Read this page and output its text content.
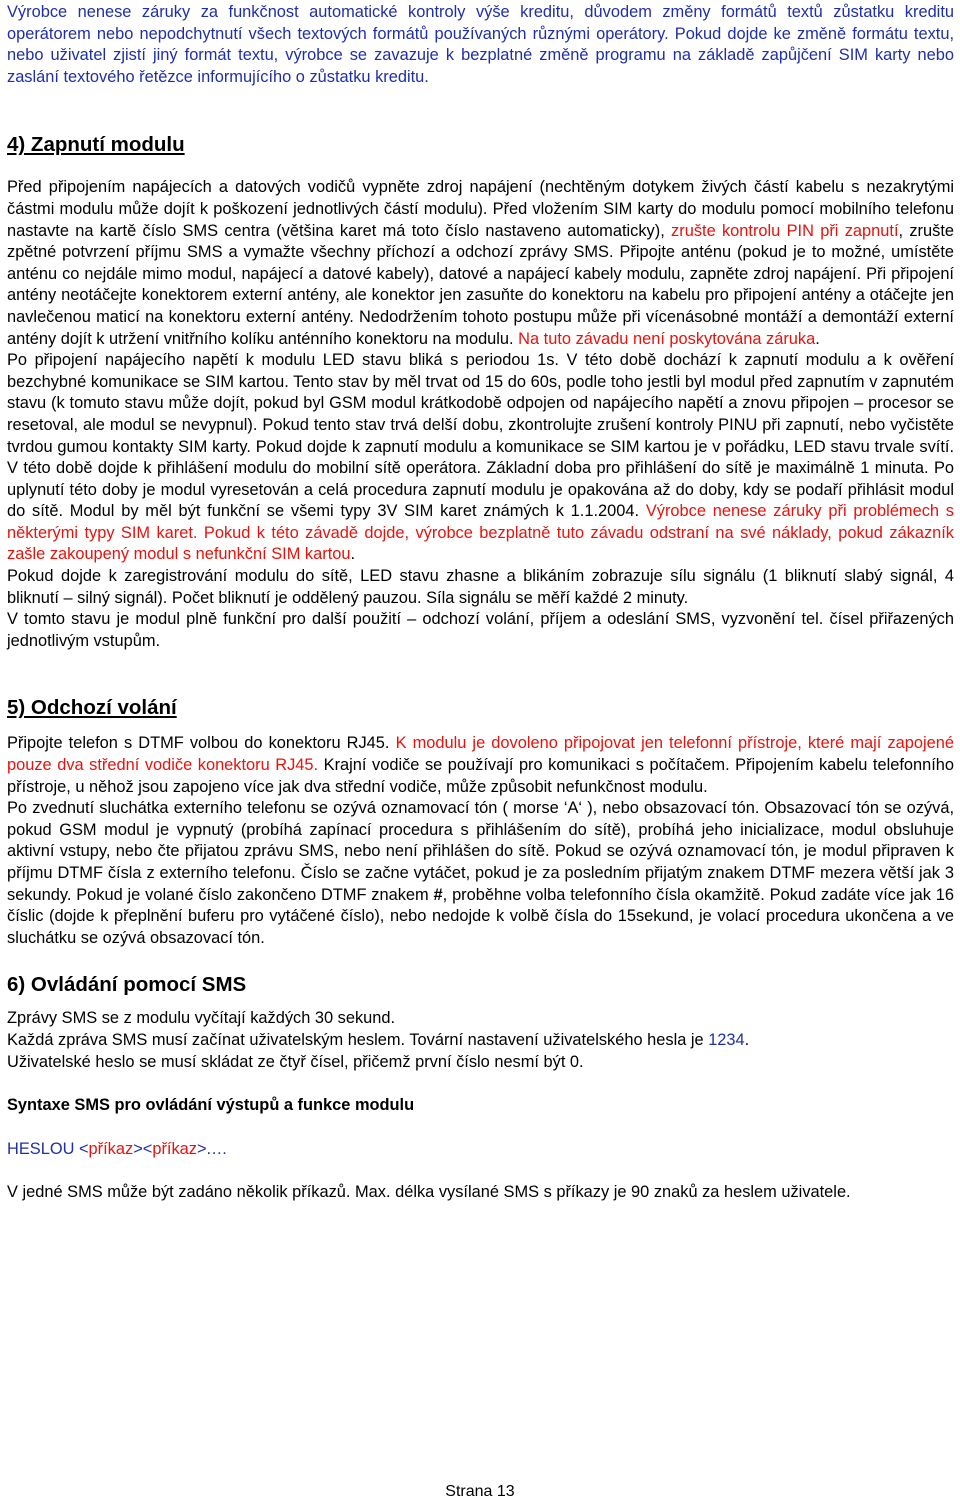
Výrobce nenese záruky za funkčnost automatické kontroly výše kreditu, důvodem změny formátů textů zůstatku kreditu operátorem nebo nepodchytnutí všech textových formátů používaných různými operátory. Pokud dojde ke změně formátu textu, nebo uživatel zjistí jiný formát textu, výrobce se zavazuje k bezplatné změně programu na základě zapůjčení SIM karty nebo zaslání textového řetězce informujícího o zůstatku kreditu.

4) Zapnutí modulu

Před připojením napájecích a datových vodičů vypněte zdroj napájení (nechtěným dotykem živých částí kabelu s nezakrytými částmi modulu může dojít k poškození jednotlivých částí modulu). Před vložením SIM karty do modulu pomocí mobilního telefonu nastavte na kartě číslo SMS centra (většina karet má toto číslo nastaveno automaticky), zrušte kontrolu PIN při zapnutí, zrušte zpětné potvrzení příjmu SMS a vymažte všechny příchozí a odchozí zprávy SMS. Připojte anténu (pokud je to možné, umístěte anténu co nejdále mimo modul, napájecí a datové kabely), datové a napájecí kabely modulu, zapněte zdroj napájení. Při připojení antény neotáčejte konektorem externí antény, ale konektor jen zasuňte do konektoru na kabelu pro připojení antény a otáčejte jen navlečenou maticí na konektoru externí antény. Nedodržením tohoto postupu může při vícenásobné montáží a demontáží externí antény dojít k utržení vnitřního kolíku anténního konektoru na modulu. Na tuto závadu není poskytována záruka.

Po připojení napájecího napětí k modulu LED stavu bliká s periodou 1s. V této době dochází k zapnutí modulu a k ověření bezchybné komunikace se SIM kartou. Tento stav by měl trvat od 15 do 60s, podle toho jestli byl modul před zapnutím v zapnutém stavu (k tomuto stavu může dojít, pokud byl GSM modul krátkodobě odpojen od napájecího napětí a znovu připojen – procesor se resetoval, ale modul se nevypnul). Pokud tento stav trvá delší dobu, zkontrolujte zrušení kontroly PINU při zapnutí, nebo vyčistěte tvrdou gumou kontakty SIM karty. Pokud dojde k zapnutí modulu a komunikace se SIM kartou je v pořádku, LED stavu trvale svítí. V této době dojde k přihlášení modulu do mobilní sítě operátora. Základní doba pro přihlášení do sítě je maximálně 1 minuta. Po uplynutí této doby je modul vyresetován a celá procedura zapnutí modulu je opakována až do doby, kdy se podaří přihlásit modul do sítě. Modul by měl být funkční se všemi typy 3V SIM karet známých k 1.1.2004. Výrobce nenese záruky při problémech s některými typy SIM karet. Pokud k této závadě dojde, výrobce bezplatně tuto závadu odstraní na své náklady, pokud zákazník zašle zakoupený modul s nefunkční SIM kartou.

Pokud dojde k zaregistrování modulu do sítě, LED stavu zhasne a blikáním zobrazuje sílu signálu (1 bliknutí slabý signál, 4 bliknutí – silný signál). Počet bliknutí je oddělený pauzou. Síla signálu se měří každé 2 minuty.

V tomto stavu je modul plně funkční pro další použití – odchozí volání, příjem a odeslání SMS, vyzvonění tel. čísel přiřazených jednotlivým vstupům.

5) Odchozí volání

Připojte telefon s DTMF volbou do konektoru RJ45. K modulu je dovoleno připojovat jen telefonní přístroje, které mají zapojené pouze dva střední vodiče konektoru RJ45. Krajní vodiče se používají pro komunikaci s počítačem. Připojením kabelu telefonního přístroje, u něhož jsou zapojeno více jak dva střední vodiče, může způsobit nefunkčnost modulu.

Po zvednutí sluchátka externího telefonu se ozývá oznamovací tón ( morse ‘A‘ ), nebo obsazovací tón. Obsazovací tón se ozývá, pokud GSM modul je vypnutý (probíhá zapínací procedura s přihlášením do sítě), probíhá jeho inicializace, modul obsluhuje aktivní vstupy, nebo čte přijatou zprávu SMS, nebo není přihlášen do sítě. Pokud se ozývá oznamovací tón, je modul připraven k příjmu DTMF čísla z externího telefonu. Číslo se začne vytáčet, pokud je za posledním přijatým znakem DTMF mezera větší jak 3 sekundy. Pokud je volané číslo zakončeno DTMF znakem #, proběhne volba telefonního čísla okamžitě. Pokud zadáte více jak 16 číslic (dojde k přeplnění buferu pro vytáčené číslo), nebo nedojde k volbě čísla do 15sekund, je volací procedura ukončena a ve sluchátku se ozývá obsazovací tón.

6) Ovládání pomocí SMS

Zprávy SMS se z modulu vyčítají každých 30 sekund.

Každá zpráva SMS musí začínat uživatelským heslem. Tovární nastavení uživatelského hesla je 1234.

Uživatelské heslo se musí skládat ze čtyř čísel, přičemž první číslo nesmí být 0.

Syntaxe SMS pro ovládání výstupů a funkce modulu

HESLOU <příkaz><příkaz>.…

V jedné SMS může být zadáno několik příkazů. Max. délka vysílané SMS s příkazy je 90 znaků za heslem uživatele.

Strana 13
